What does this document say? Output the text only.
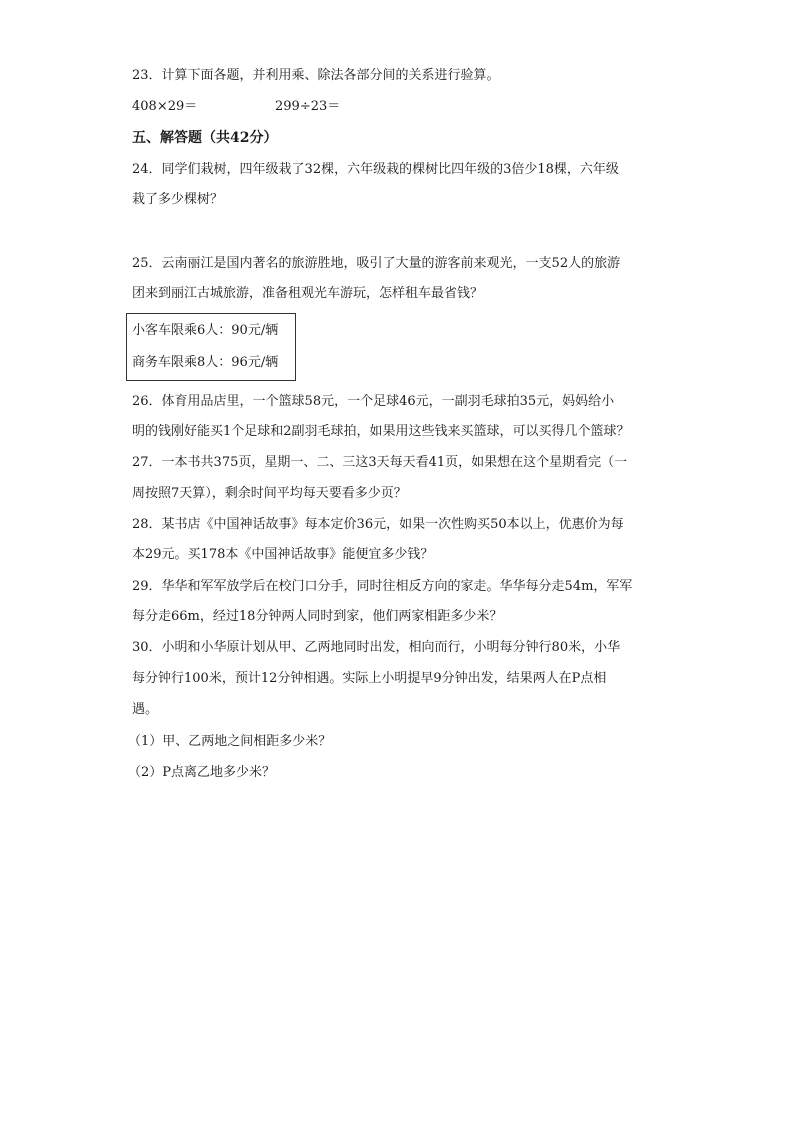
23．计算下面各题，并利用乘、除法各部分间的关系进行验算。
408×29＝	299÷23＝
五、解答题（共42分）
24．同学们栽树，四年级栽了32棵，六年级栽的棵树比四年级的3倍少18棵，六年级
栽了多少棵树？
25．云南丽江是国内著名的旅游胜地，吸引了大量的游客前来观光，一支52人的旅游
团来到丽江古城旅游，准备租观光车游玩，怎样租车最省钱？
小客车限乘6人：90元/辆
商务车限乘8人：96元/辆
26．体育用品店里，一个篮球58元，一个足球46元，一副羽毛球拍35元，妈妈给小
明的钱刚好能买1个足球和2副羽毛球拍，如果用这些钱来买篮球，可以买得几个篮球？
27．一本书共375页，星期一、二、三这3天每天看41页，如果想在这个星期看完（一
周按照7天算），剩余时间平均每天要看多少页？
28．某书店《中国神话故事》每本定价36元，如果一次性购买50本以上，优惠价为每
本29元。买178本《中国神话故事》能便宜多少钱？
29．华华和军军放学后在校门口分手，同时往相反方向的家走。华华每分走54m，军军
每分走66m，经过18分钟两人同时到家，他们两家相距多少米？
30．小明和小华原计划从甲、乙两地同时出发，相向而行，小明每分钟行80米，小华
每分钟行100米，预计12分钟相遇。实际上小明提早9分钟出发，结果两人在P点相
遇。
（1）甲、乙两地之间相距多少米？
（2）P点离乙地多少米？
